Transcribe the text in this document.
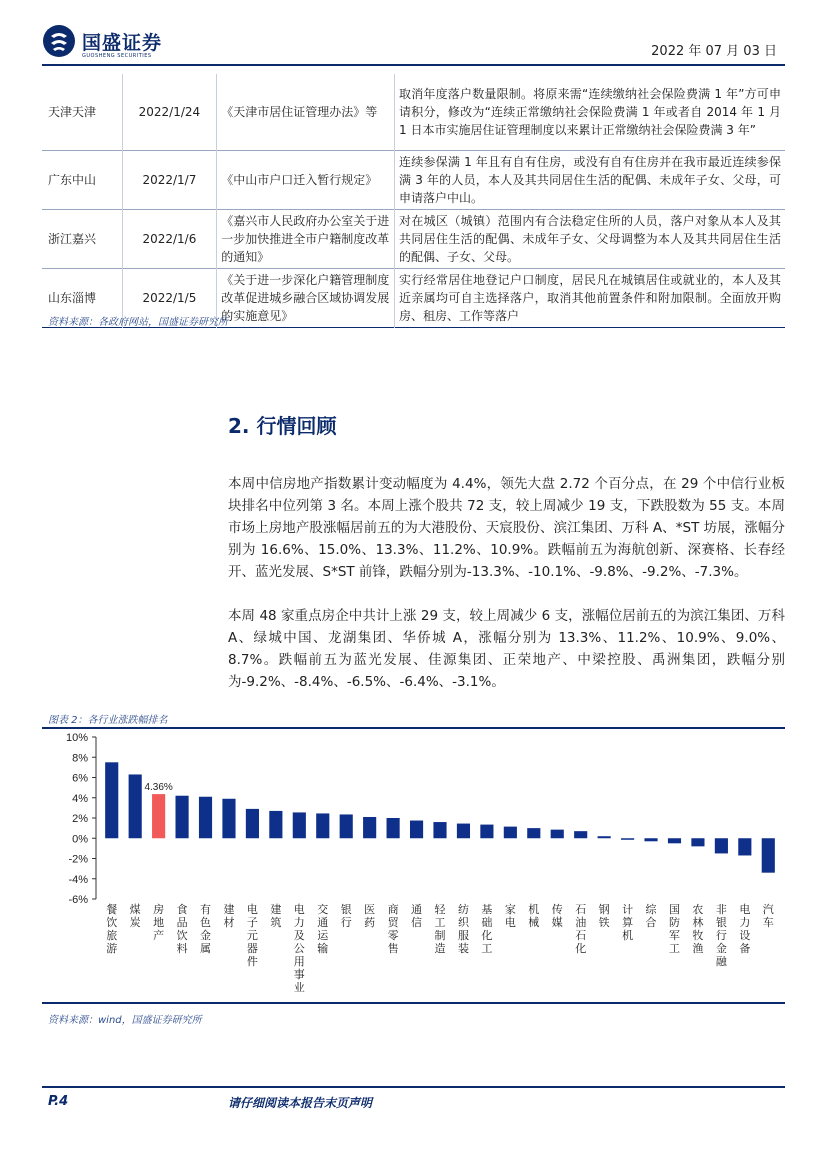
国盛证券
GUOSHENG SECURITIES	2022 年 07 月 03 日
天津天津	2022/1/24	《天津市居住证管理办法》等	取消年度落户数量限制。将原来需“连续缴纳社会保险费满 1 年”方可申请积分，修改为“连续正常缴纳社会保险费满 1 年或者自 2014 年 1 月 1 日本市实施居住证管理制度以来累计正常缴纳社会保险费满 3 年”
广东中山	2022/1/7	《中山市户口迁入暂行规定》	连续参保满 1 年且有自有住房，或没有自有住房并在我市最近连续参保满 3 年的人员，本人及其共同居住生活的配偶、未成年子女、父母，可申请落户中山。
浙江嘉兴	2022/1/6	《嘉兴市人民政府办公室关于进一步加快推进全市户籍制度改革的通知》	对在城区（城镇）范围内有合法稳定住所的人员，落户对象从本人及其共同居住生活的配偶、未成年子女、父母调整为本人及其共同居住生活的配偶、子女、父母。
山东淄博	2022/1/5	《关于进一步深化户籍管理制度改革促进城乡融合区域协调发展的实施意见》	实行经常居住地登记户口制度，居民凡在城镇居住或就业的，本人及其近亲属均可自主选择落户，取消其他前置条件和附加限制。全面放开购房、租房、工作等落户
资料来源：各政府网站，国盛证券研究所
2. 行情回顾
本周中信房地产指数累计变动幅度为 4.4%，领先大盘 2.72 个百分点，在 29 个中信行业板块排名中位列第 3 名。本周上涨个股共 72 支，较上周减少 19 支，下跌股数为 55 支。本周市场上房地产股涨幅居前五的为大港股份、天宸股份、滨江集团、万科 A、*ST 坊展，涨幅分别为 16.6%、15.0%、13.3%、11.2%、10.9%。跌幅前五为海航创新、深赛格、长春经开、蓝光发展、S*ST 前锋，跌幅分别为-13.3%、-10.1%、-9.8%、-9.2%、-7.3%。
本周 48 家重点房企中共计上涨 29 支，较上周减少 6 支，涨幅位居前五的为滨江集团、万科 A、绿城中国、龙湖集团、华侨城 A，涨幅分别为 13.3%、11.2%、10.9%、9.0%、8.7%。跌幅前五为蓝光发展、佳源集团、正荣地产、中梁控股、禹洲集团，跌幅分别为-9.2%、-8.4%、-6.5%、-6.4%、-3.1%。
图表 2：各行业涨跌幅排名
10%
8%
6%
4%
2%
0%
-2%
-4%
-6%
4.36%
餐饮旅游
煤炭
房地产
食品饮料
有色金属
建材
电子元器件
建筑
电力及公用事业
交通运输
银行
医药
商贸零售
通信
轻工制造
纺织服装
基础化工
家电
机械
传媒
石油石化
钢铁
计算机
综合
国防军工
农林牧渔
非银行金融
电力设备
汽车
资料来源：wind，国盛证券研究所
P.4	请仔细阅读本报告末页声明
